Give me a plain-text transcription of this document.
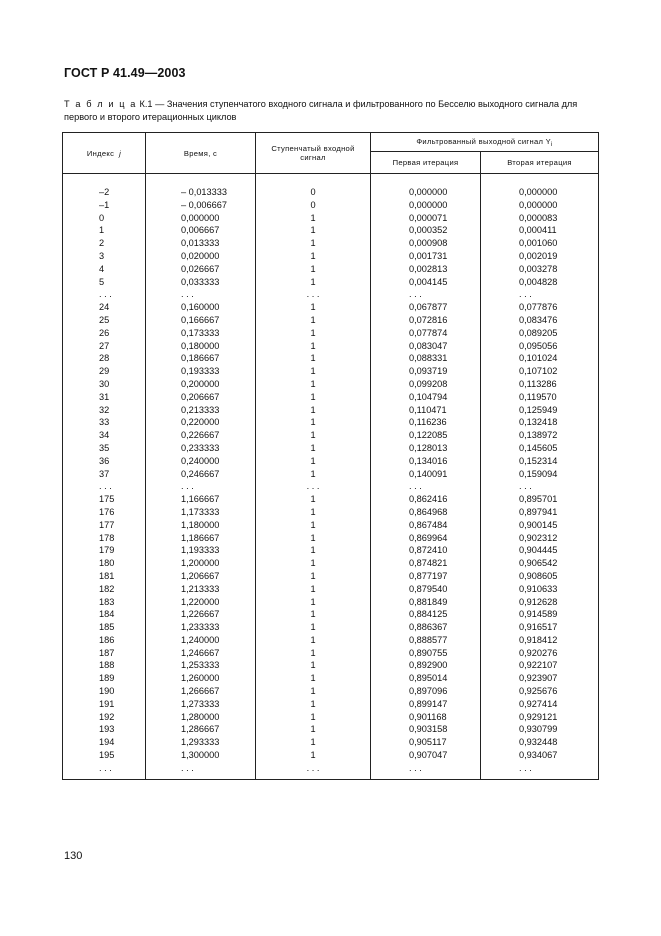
ГОСТ Р 41.49—2003
Т а б л и ц а К.1 — Значения ступенчатого входного сигнала и фильтрованного по Бесселю выходного сигнала для первого и второго итерационных циклов
Индекс j	Время, с	Ступенчатый входной сигнал	Фильтрованный выходной сигнал $Y_i$
			Первая итерация	Вторая итерация

–2	– 0,013333	0	0,000000	0,000000
–1	– 0,006667	0	0,000000	0,000000
0	0,000000	1	0,000071	0,000083
1	0,006667	1	0,000352	0,000411
2	0,013333	1	0,000908	0,001060
3	0,020000	1	0,001731	0,002019
4	0,026667	1	0,002813	0,003278
5	0,033333	1	0,004145	0,004828
. . .	. . .	. . .	. . .	. . .
24	0,160000	1	0,067877	0,077876
25	0,166667	1	0,072816	0,083476
26	0,173333	1	0,077874	0,089205
27	0,180000	1	0,083047	0,095056
28	0,186667	1	0,088331	0,101024
29	0,193333	1	0,093719	0,107102
30	0,200000	1	0,099208	0,113286
31	0,206667	1	0,104794	0,119570
32	0,213333	1	0,110471	0,125949
33	0,220000	1	0,116236	0,132418
34	0,226667	1	0,122085	0,138972
35	0,233333	1	0,128013	0,145605
36	0,240000	1	0,134016	0,152314
37	0,246667	1	0,140091	0,159094
. . .	. . .	. . .	. . .	. . .
175	1,166667	1	0,862416	0,895701
176	1,173333	1	0,864968	0,897941
177	1,180000	1	0,867484	0,900145
178	1,186667	1	0,869964	0,902312
179	1,193333	1	0,872410	0,904445
180	1,200000	1	0,874821	0,906542
181	1,206667	1	0,877197	0,908605
182	1,213333	1	0,879540	0,910633
183	1,220000	1	0,881849	0,912628
184	1,226667	1	0,884125	0,914589
185	1,233333	1	0,886367	0,916517
186	1,240000	1	0,888577	0,918412
187	1,246667	1	0,890755	0,920276
188	1,253333	1	0,892900	0,922107
189	1,260000	1	0,895014	0,923907
190	1,266667	1	0,897096	0,925676
191	1,273333	1	0,899147	0,927414
192	1,280000	1	0,901168	0,929121
193	1,286667	1	0,903158	0,930799
194	1,293333	1	0,905117	0,932448
195	1,300000	1	0,907047	0,934067
. . .	. . .	. . .	. . .	. . .
130
